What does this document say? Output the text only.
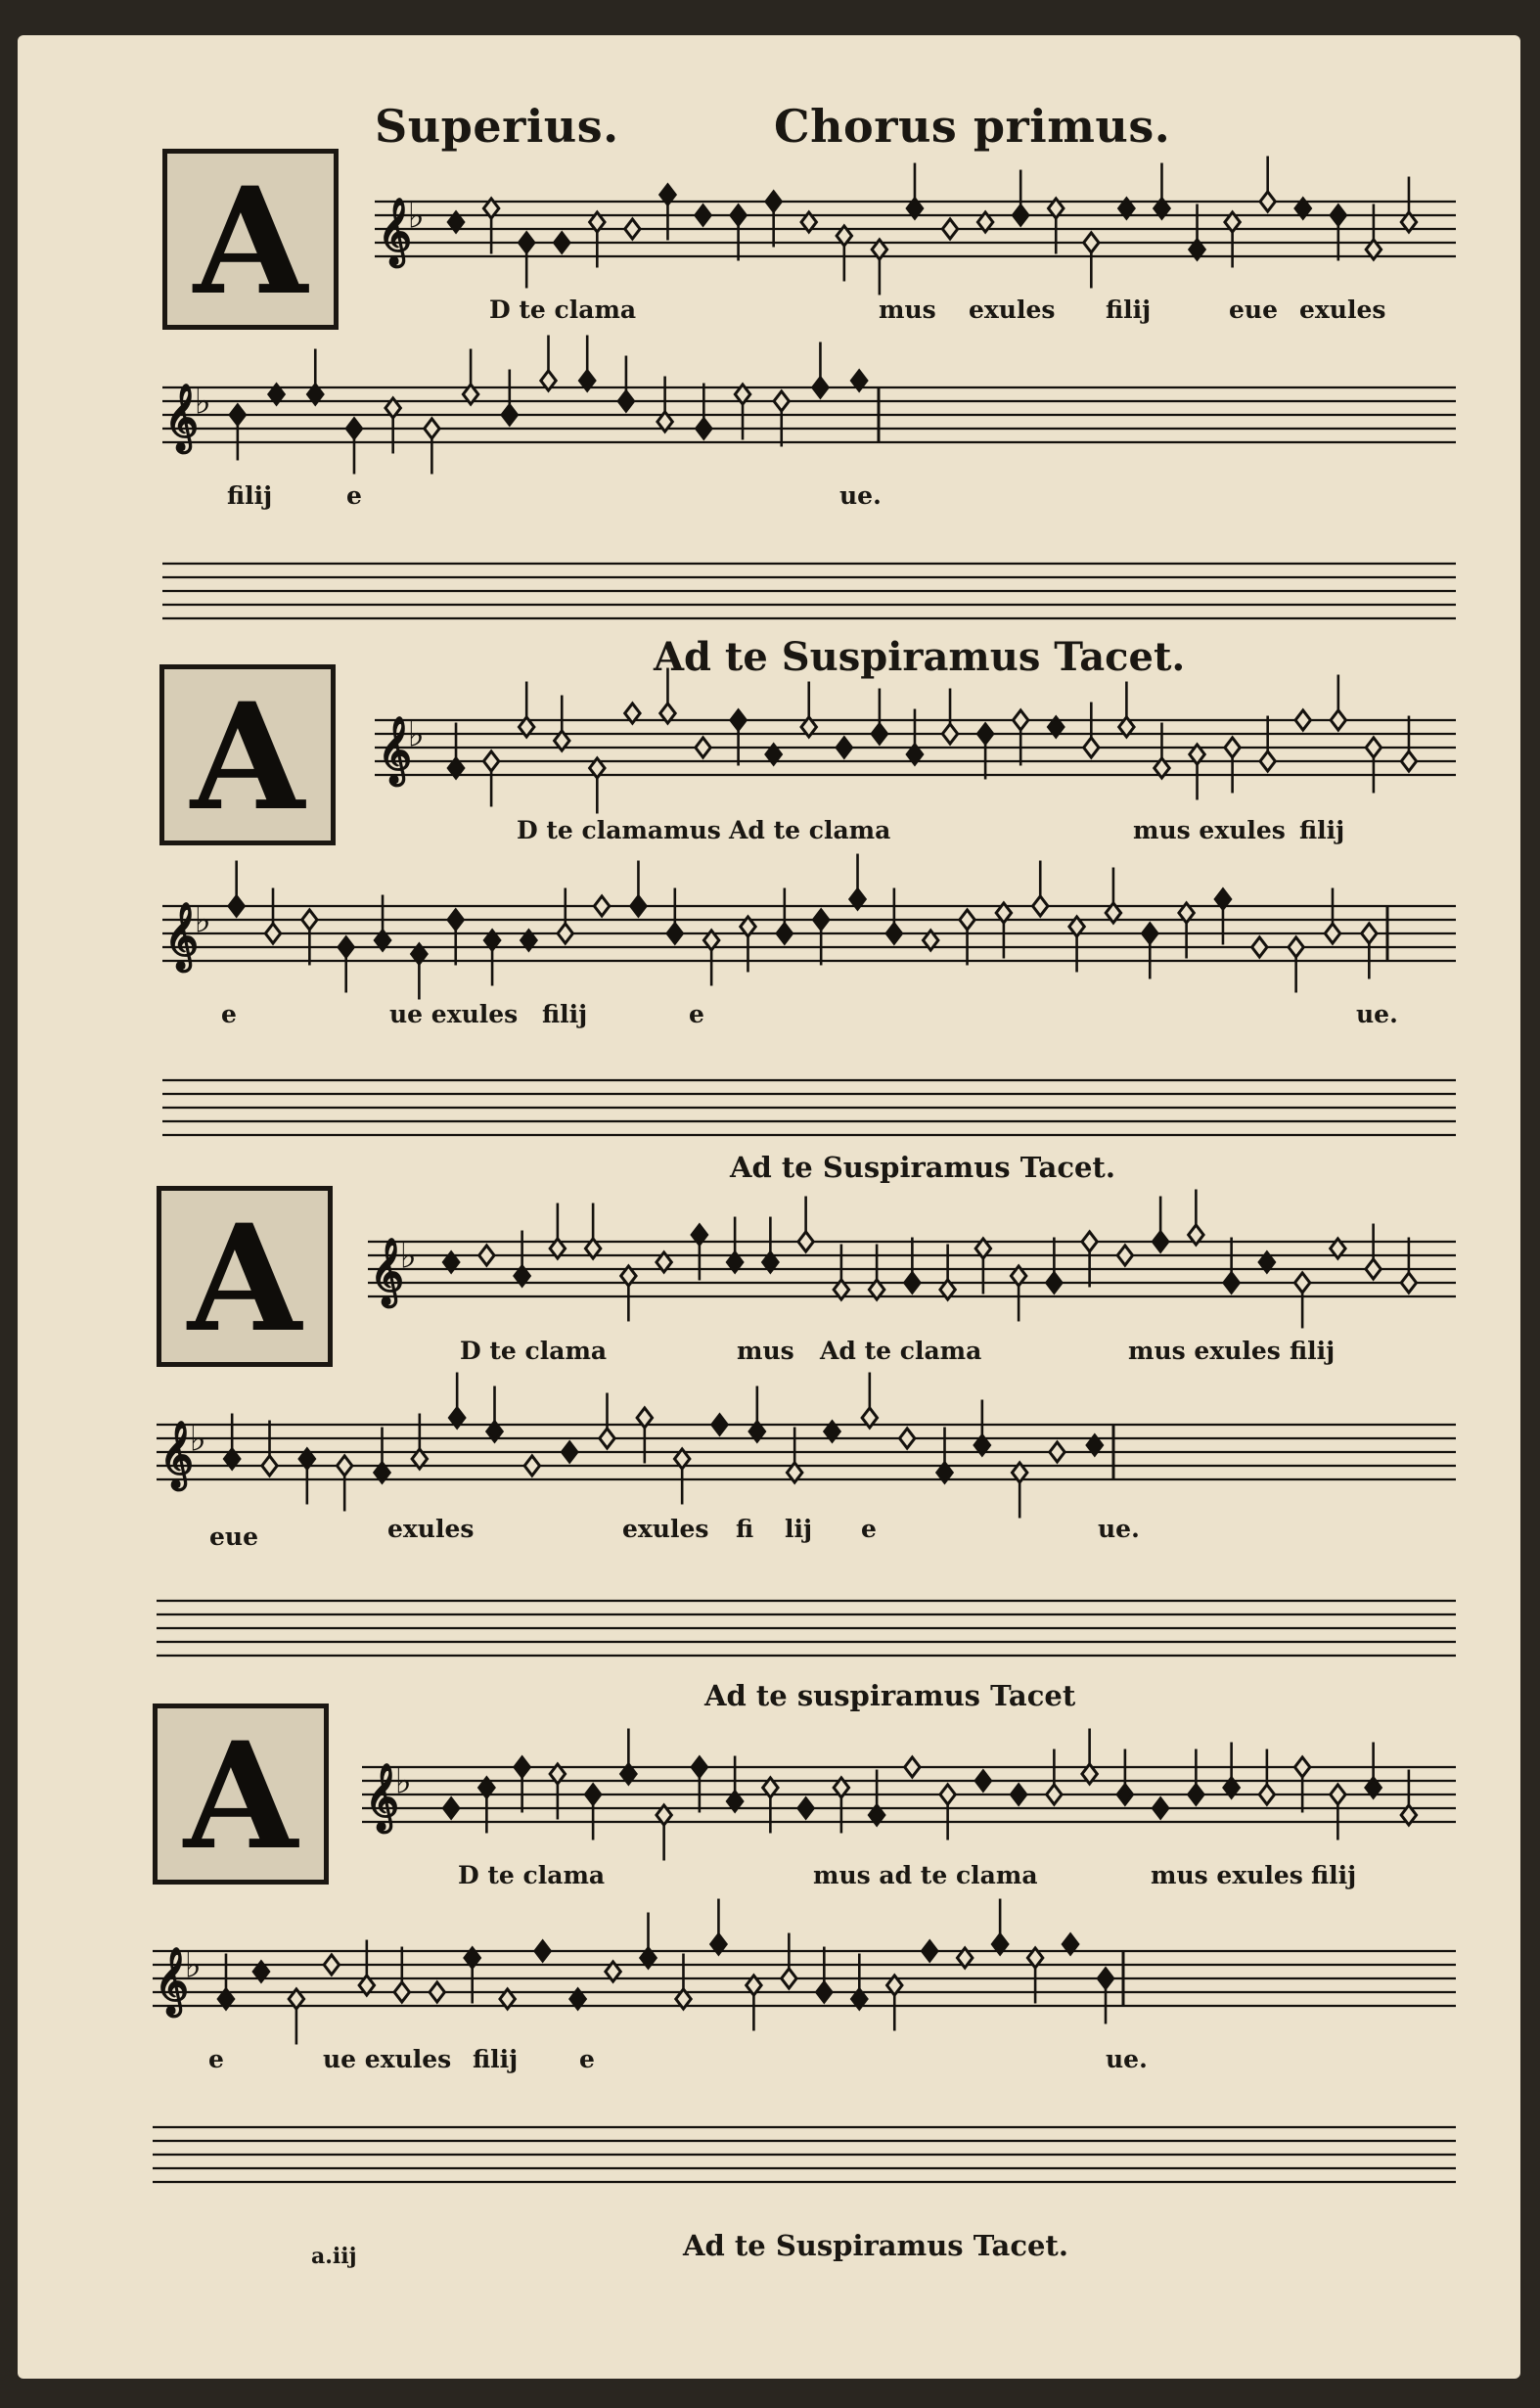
𝄞
♭
𝄞
♭
𝄞
♭
𝄞
♭
𝄞
♭
𝄞
♭
𝄞
♭
𝄞
♭
Superius.	Chorus primus.
A	D te clama	mus exules filij	eue exules
filij	e	ue.
Ad te Suspiramus Tacet.
A	D te clamamus Ad te clama	mus exules filij
e	ue exules filij	e	ue.
Ad te Suspiramus Tacet.
A	D te clama	mus Ad te clama	mus exules filij
eue	exules	exules fi lij e	ue.
Ad te suspiramus Tacet
A	D te clama	mus ad te clama	mus exules filij
e	ue exules filij	e	ue.
a.iij	Ad te Suspiramus Tacet.
